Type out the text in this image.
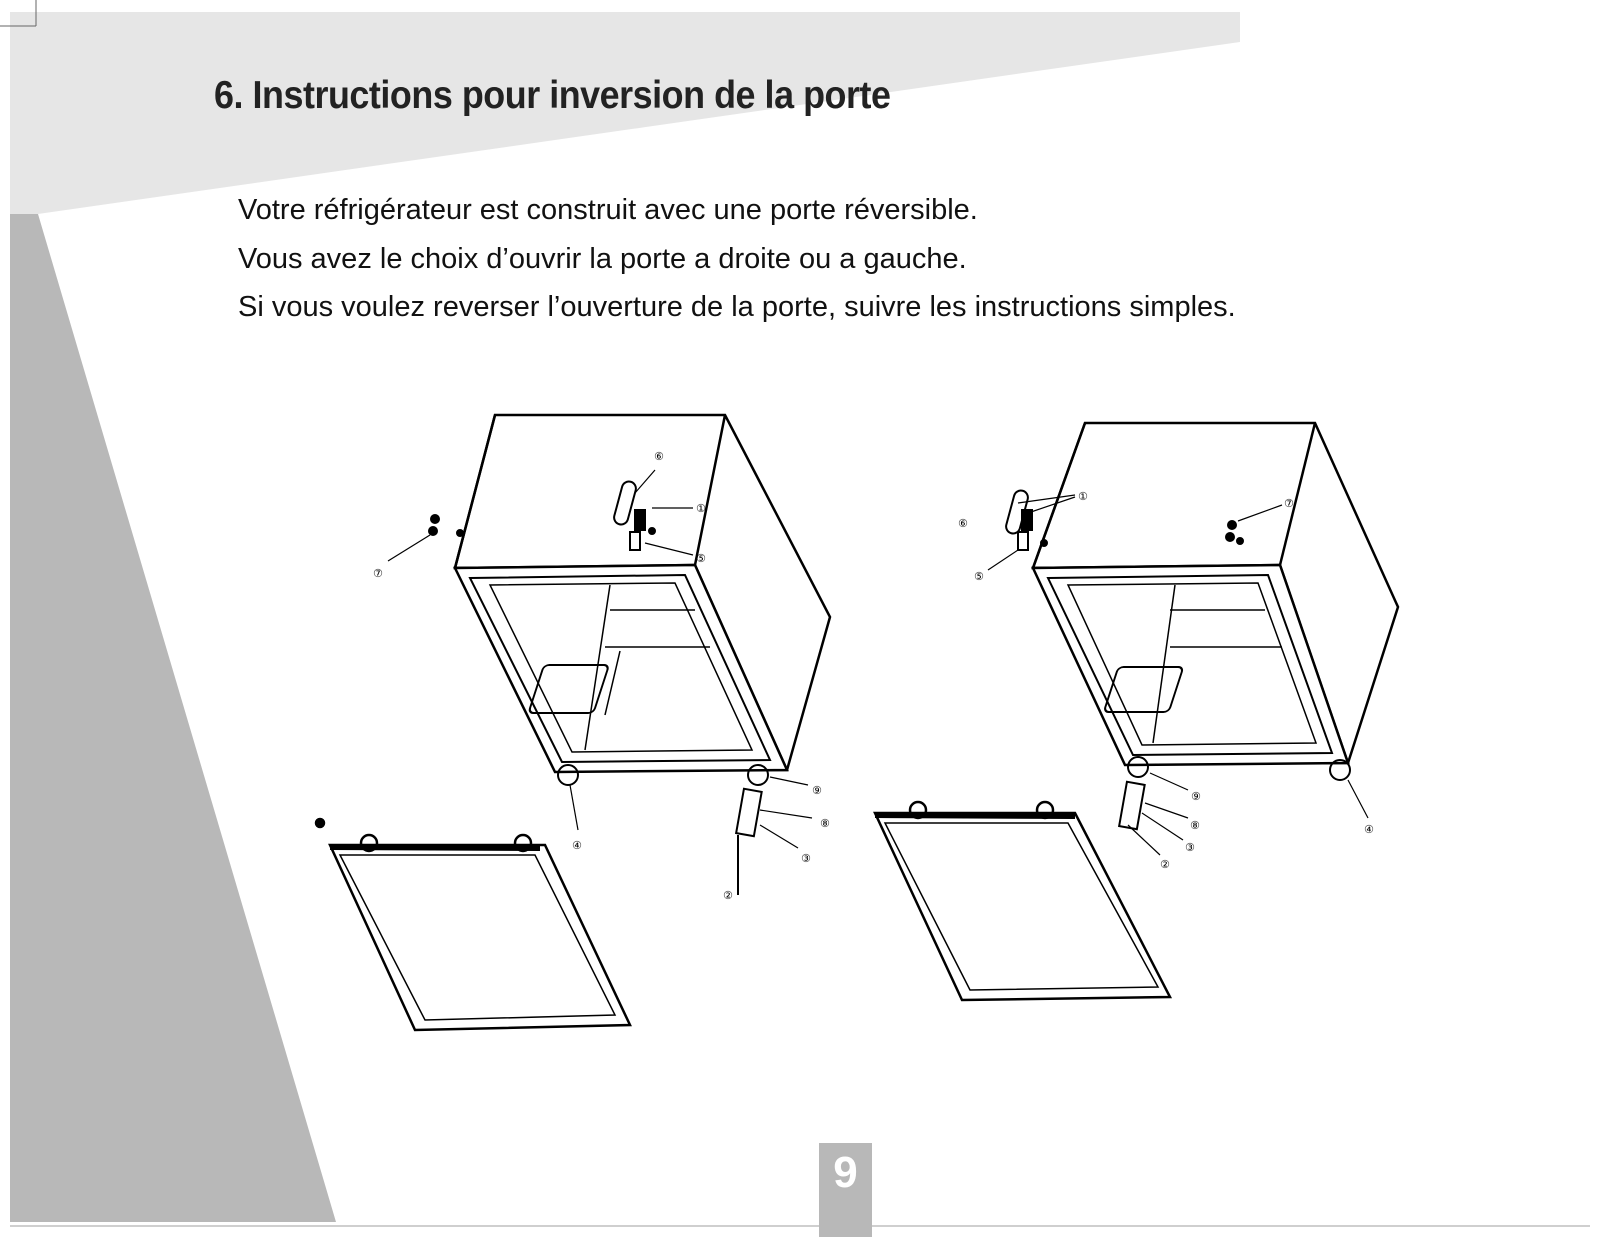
6. Instructions pour inversion de la porte
Votre réfrigérateur est construit avec une porte réversible.
Vous avez le choix d’ouvrir la porte a droite ou a gauche.
Si vous voulez reverser l’ouverture de la porte, suivre les instructions simples.
⑥
①
⑤
⑦
⑨
⑧
③
④
②
①
⑥
⑤
⑦
⑨
⑧
③
②
④
9
